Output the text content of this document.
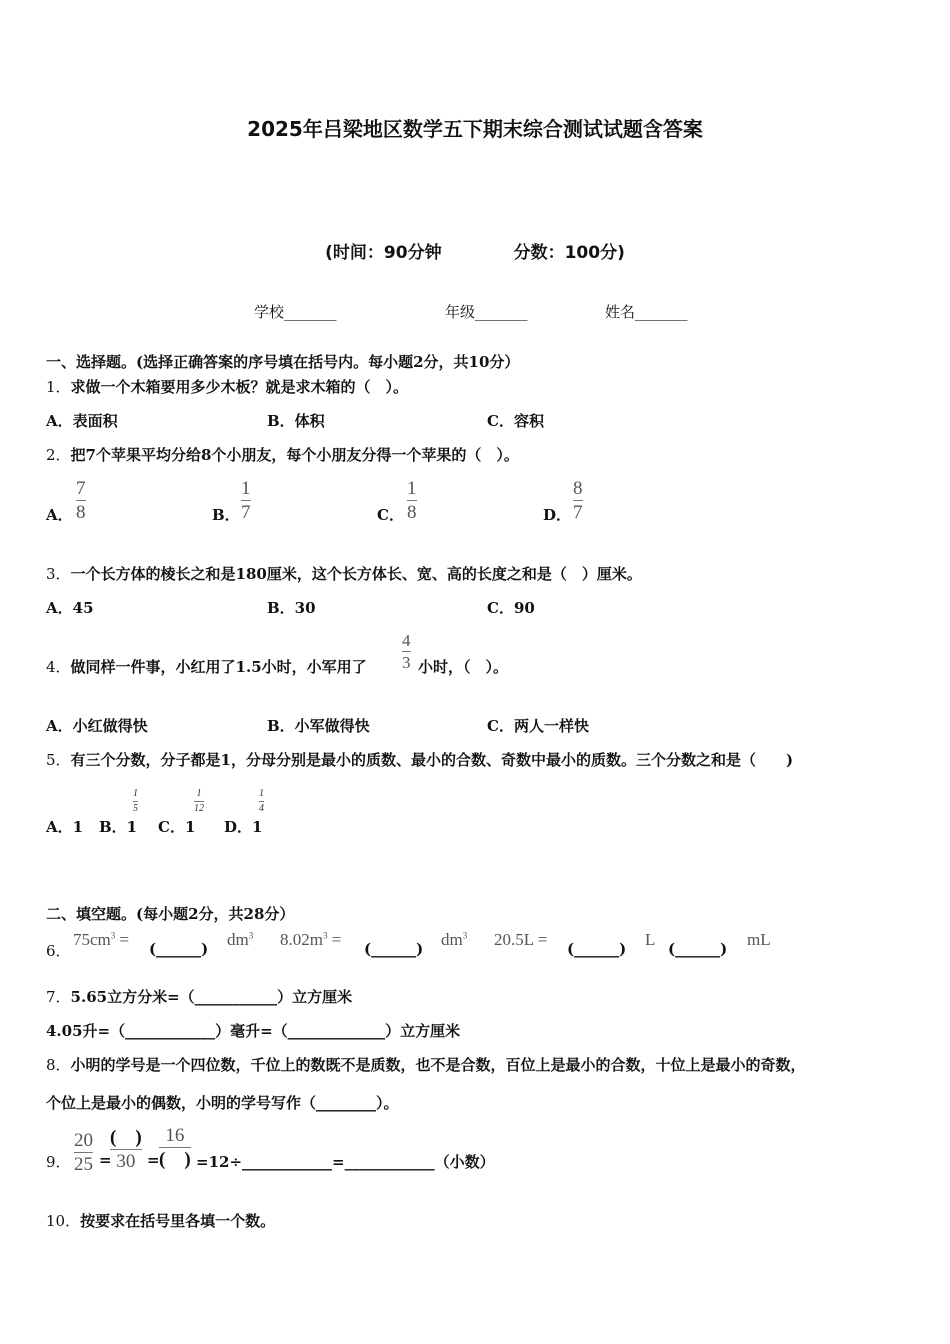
2025年吕梁地区数学五下期末综合测试试题含答案
(时间：90分钟	分数：100分)
学校_______	年级_______	姓名_______
一、选择题。(选择正确答案的序号填在括号内。每小题2分，共10分）
1．求做一个木箱要用多少木板？就是求木箱的（　）。
A．表面积	B．体积	C．容积
2．把7个苹果平均分给8个小朋友，每个小朋友分得一个苹果的（　）。
A．
7
8	B．
1
7	C．
1
8	D．
8
7
3．一个长方体的棱长之和是180厘米，这个长方体长、宽、高的长度之和是（　）厘米。
A．45	B．30	C．90
4．做同样一件事，小红用了1.5小时，小军用了
4
3 小时，（　）。
A．小红做得快	B．小军做得快	C．两人一样快
5．有三个分数，分子都是1，分母分别是最小的质数、最小的合数、奇数中最小的质数。三个分数之和是（　　)
A．1 B．1
1
5
C．1
1
12
D．1
1
4
二、填空题。(每小题2分，共28分）
6．
$75cm^3$ = (______) $dm^3$ $8.02m^3$ = (______) $dm^3$ 20.5L = (______) L (______) mL
7．5.65立方分米=（___________）立方厘米
4.05升=（____________）毫升=（_____________）立方厘米
8．小明的学号是一个四位数，千位上的数既不是质数，也不是合数，百位上是最小的合数，十位上是最小的奇数，
个位上是最小的偶数，小明的学号写作（________）。
9．
20
25 =
(　)
30 =
16
(　) =12÷____________=____________（小数）
10．按要求在括号里各填一个数。
